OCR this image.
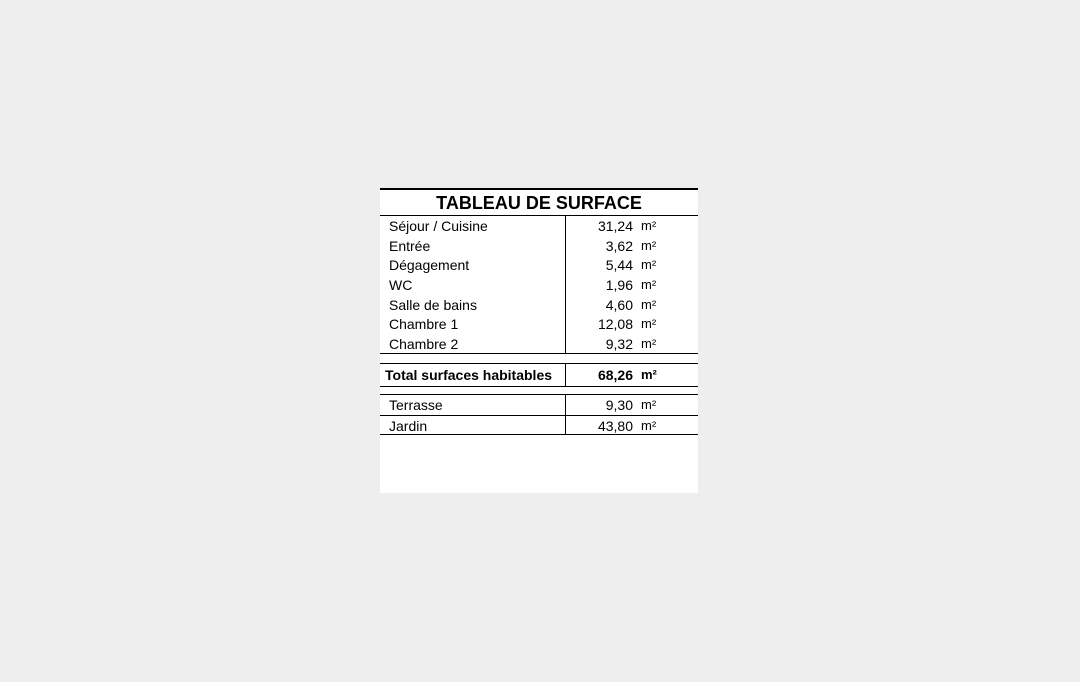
TABLEAU DE SURFACE
Séjour / Cuisine	31,24 m²
Entrée	3,62 m²
Dégagement	5,44 m²
WC	1,96 m²
Salle de bains	4,60 m²
Chambre 1	12,08 m²
Chambre 2	9,32 m²
Total surfaces habitables	68,26 m²
Terrasse	9,30 m²
Jardin	43,80 m²
